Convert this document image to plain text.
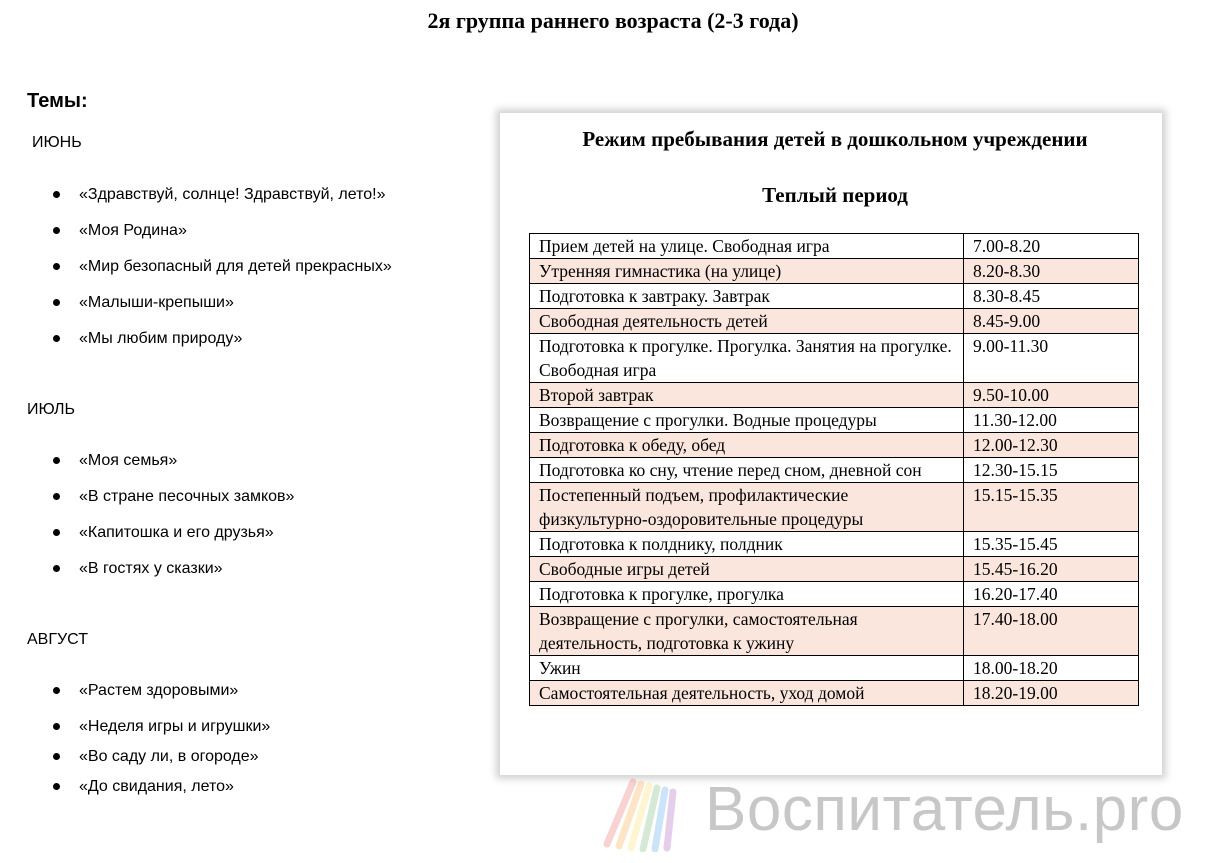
2я группа раннего возраста (2-3 года)
Темы:
ИЮНЬ
«Здравствуй, солнце! Здравствуй, лето!»
«Моя Родина»
«Мир безопасный для детей прекрасных»
«Малыши-крепыши»
«Мы любим природу»
ИЮЛЬ
«Моя семья»
«В стране песочных замков»
«Капитошка и его друзья»
«В гостях у сказки»
АВГУСТ
«Растем здоровыми»
«Неделя игры и игрушки»
«Во саду ли, в огороде»
«До свидания, лето»
Режим пребывания детей в дошкольном учреждении
Теплый период
Прием детей на улице. Свободная игра	7.00-8.20
Утренняя гимнастика (на улице)	8.20-8.30
Подготовка к завтраку. Завтрак	8.30-8.45
Свободная деятельность детей	8.45-9.00
Подготовка к прогулке. Прогулка. Занятия на прогулке. Свободная игра	9.00-11.30
Второй завтрак	9.50-10.00
Возвращение с прогулки. Водные процедуры	11.30-12.00
Подготовка к обеду, обед	12.00-12.30
Подготовка ко сну, чтение перед сном, дневной сон	12.30-15.15
Постепенный подъем, профилактические физкультурно-оздоровительные процедуры	15.15-15.35
Подготовка к полднику, полдник	15.35-15.45
Свободные игры детей	15.45-16.20
Подготовка к прогулке, прогулка	16.20-17.40
Возвращение с прогулки, самостоятельная деятельность, подготовка к ужину	17.40-18.00
Ужин	18.00-18.20
Самостоятельная деятельность, уход домой	18.20-19.00
Воспитатель.pro
